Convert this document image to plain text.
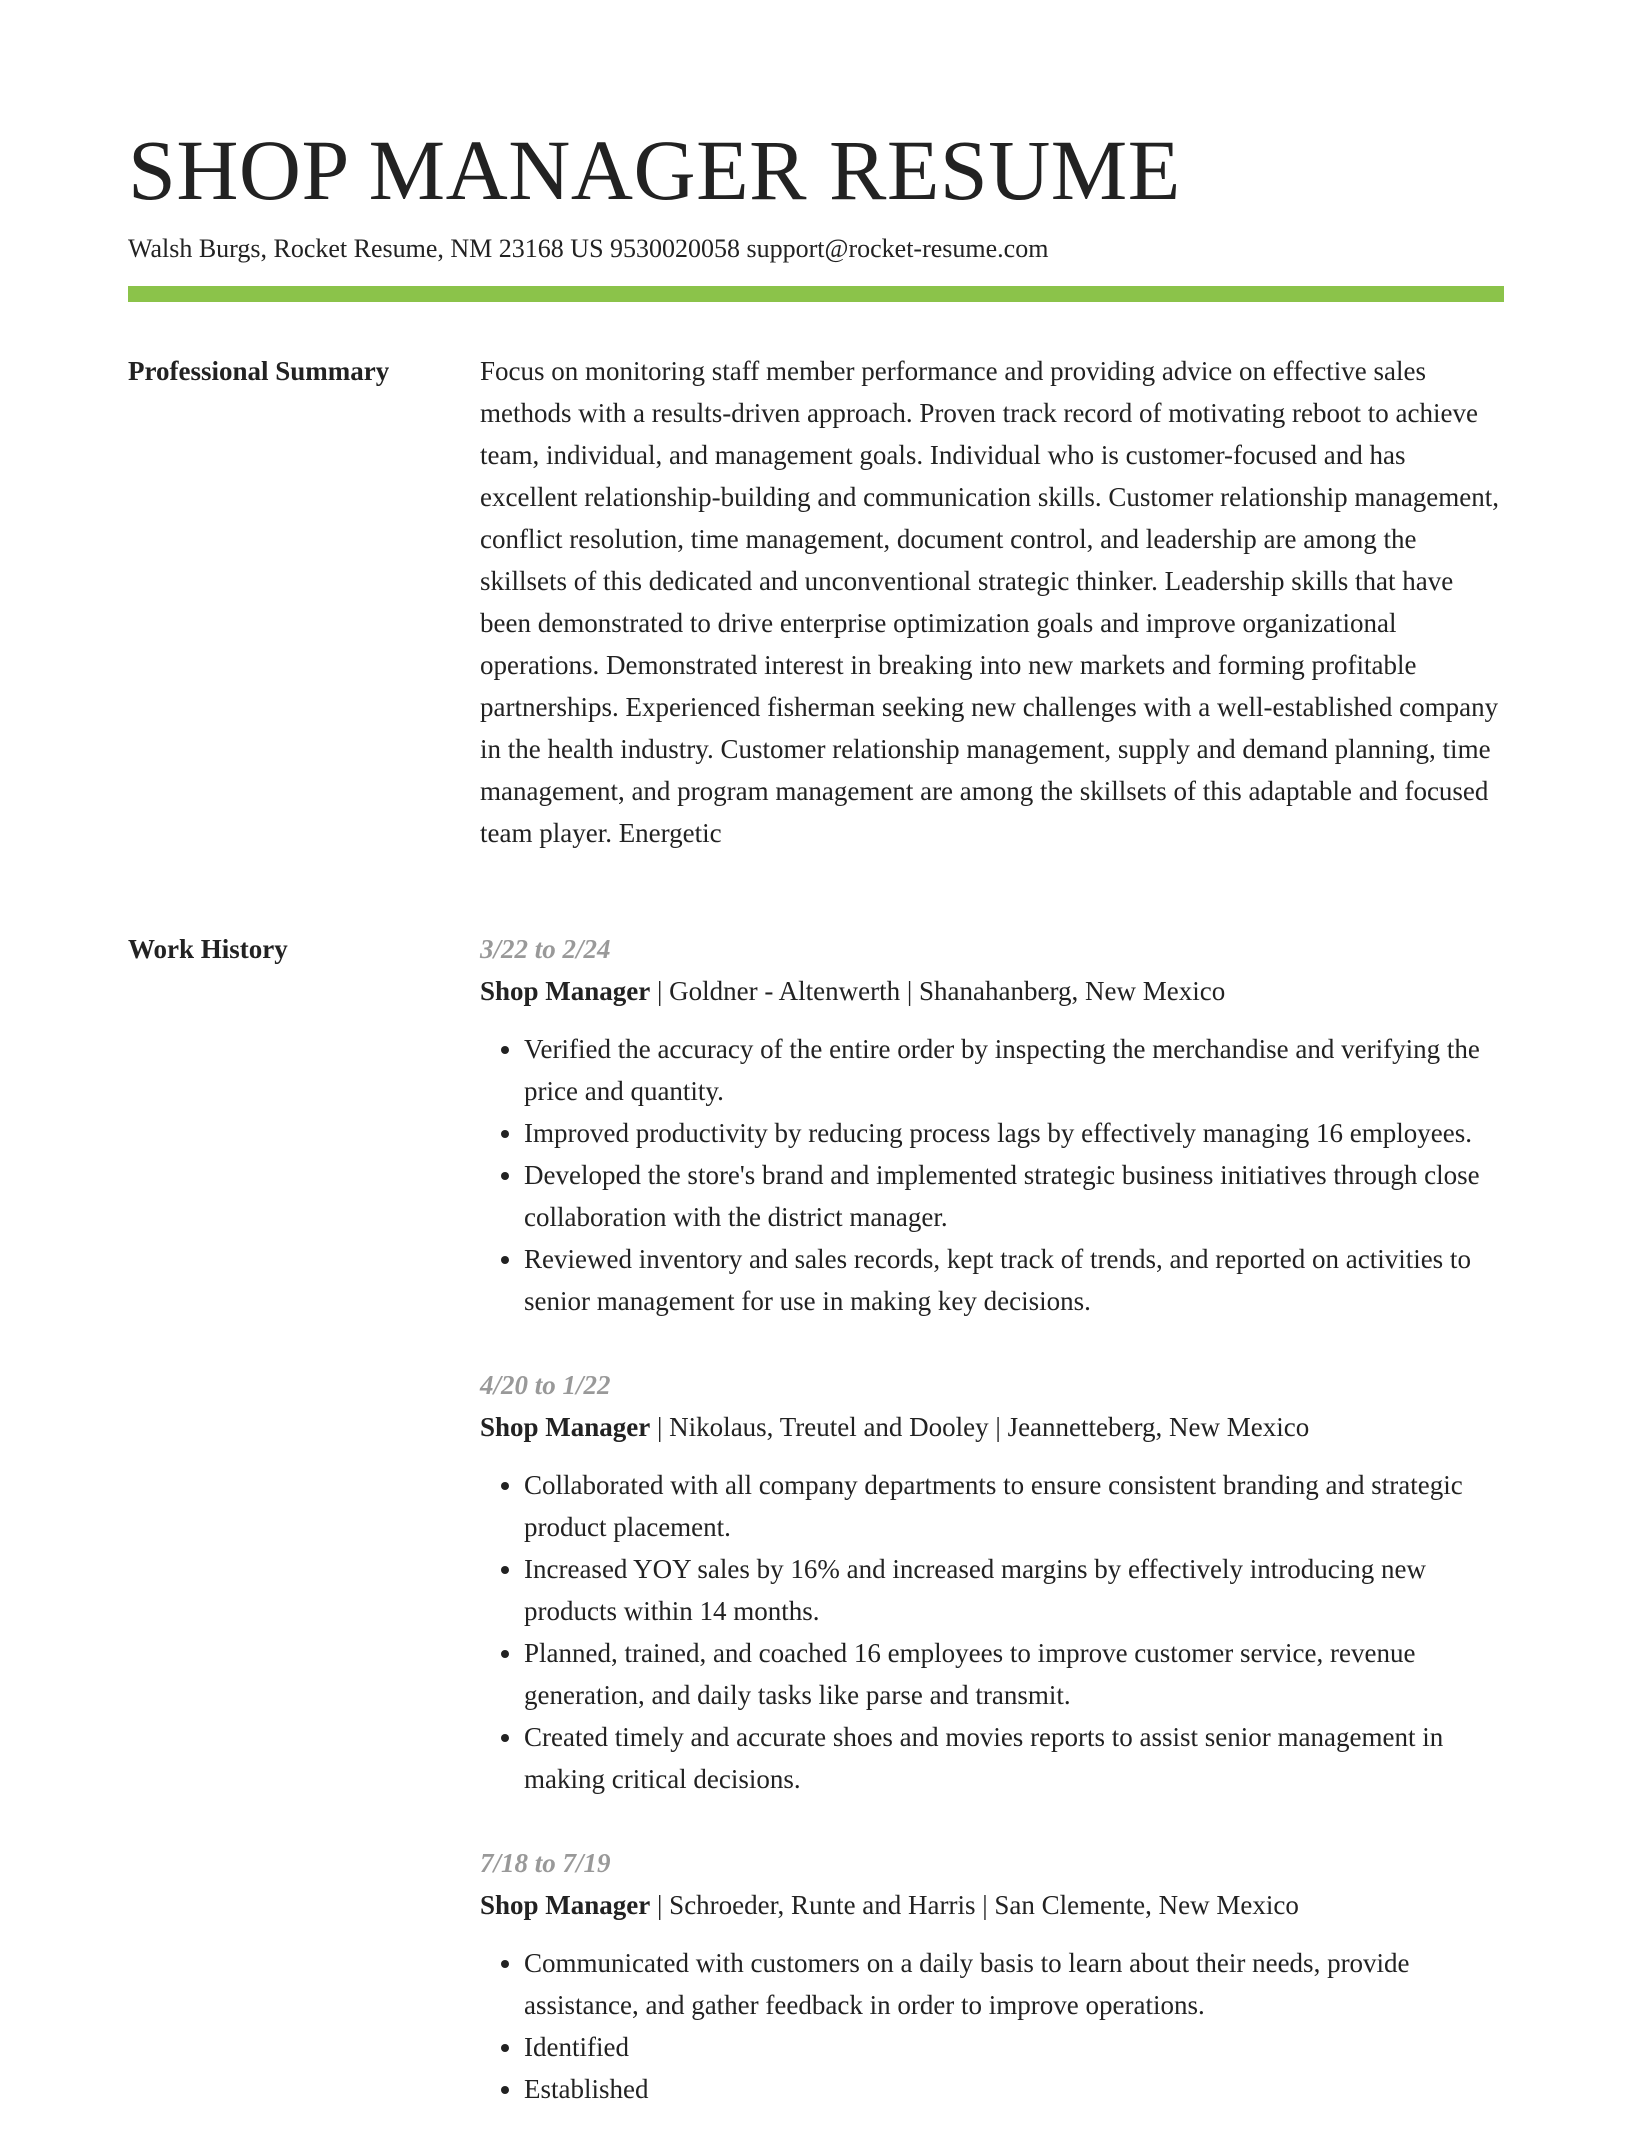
SHOP MANAGER RESUME
Walsh Burgs, Rocket Resume, NM 23168 US 9530020058 support@rocket-resume.com
Professional Summary	Focus on monitoring staff member performance and providing advice on effective sales methods with a results-driven approach. Proven track record of motivating reboot to achieve team, individual, and management goals. Individual who is customer-focused and has excellent relationship-building and communication skills. Customer relationship management, conflict resolution, time management, document control, and leadership are among the skillsets of this dedicated and unconventional strategic thinker. Leadership skills that have been demonstrated to drive enterprise optimization goals and improve organizational operations. Demonstrated interest in breaking into new markets and forming profitable partnerships. Experienced fisherman seeking new challenges with a well-established company in the health industry. Customer relationship management, supply and demand planning, time management, and program management are among the skillsets of this adaptable and focused team player. Energetic

Work History	3/22 to 2/24
Shop Manager | Goldner - Altenwerth | Shanahanberg, New Mexico
• Verified the accuracy of the entire order by inspecting the merchandise and verifying the price and quantity.
• Improved productivity by reducing process lags by effectively managing 16 employees.
• Developed the store's brand and implemented strategic business initiatives through close collaboration with the district manager.
• Reviewed inventory and sales records, kept track of trends, and reported on activities to senior management for use in making key decisions.
4/20 to 1/22
Shop Manager | Nikolaus, Treutel and Dooley | Jeannetteberg, New Mexico
• Collaborated with all company departments to ensure consistent branding and strategic product placement.
• Increased YOY sales by 16% and increased margins by effectively introducing new products within 14 months.
• Planned, trained, and coached 16 employees to improve customer service, revenue generation, and daily tasks like parse and transmit.
• Created timely and accurate shoes and movies reports to assist senior management in making critical decisions.
7/18 to 7/19
Shop Manager | Schroeder, Runte and Harris | San Clemente, New Mexico
• Communicated with customers on a daily basis to learn about their needs, provide assistance, and gather feedback in order to improve operations.
• Identified
• Established
